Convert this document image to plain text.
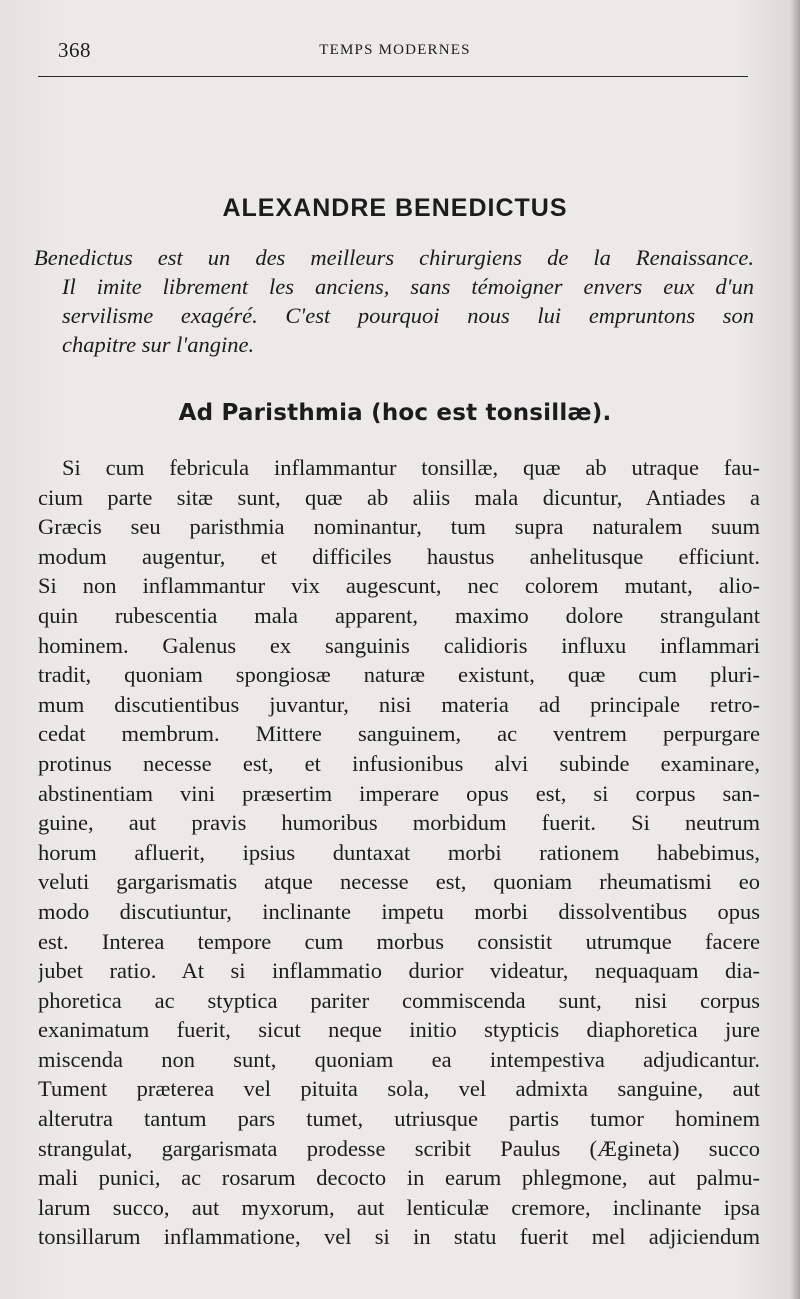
368	TEMPS MODERNES
ALEXANDRE BENEDICTUS
Benedictus est un des meilleurs chirurgiens de la Renaissance.
Il imite librement les anciens, sans témoigner envers eux d'un
servilisme exagéré. C'est pourquoi nous lui empruntons son
chapitre sur l'angine.
Ad Paristhmia (hoc est tonsillæ).
Si cum febricula inflammantur tonsillæ, quæ ab utraque fau-
cium parte sitæ sunt, quæ ab aliis mala dicuntur, Antiades a
Græcis seu paristhmia nominantur, tum supra naturalem suum
modum augentur, et difficiles haustus anhelitusque efficiunt.
Si non inflammantur vix augescunt, nec colorem mutant, alio-
quin rubescentia mala apparent, maximo dolore strangulant
hominem. Galenus ex sanguinis calidioris influxu inflammari
tradit, quoniam spongiosæ naturæ existunt, quæ cum pluri-
mum discutientibus juvantur, nisi materia ad principale retro-
cedat membrum. Mittere sanguinem, ac ventrem perpurgare
protinus necesse est, et infusionibus alvi subinde examinare,
abstinentiam vini præsertim imperare opus est, si corpus san-
guine, aut pravis humoribus morbidum fuerit. Si neutrum
horum afluerit, ipsius duntaxat morbi rationem habebimus,
veluti gargarismatis atque necesse est, quoniam rheumatismi eo
modo discutiuntur, inclinante impetu morbi dissolventibus opus
est. Interea tempore cum morbus consistit utrumque facere
jubet ratio. At si inflammatio durior videatur, nequaquam dia-
phoretica ac styptica pariter commiscenda sunt, nisi corpus
exanimatum fuerit, sicut neque initio stypticis diaphoretica jure
miscenda non sunt, quoniam ea intempestiva adjudicantur.
Tument præterea vel pituita sola, vel admixta sanguine, aut
alterutra tantum pars tumet, utriusque partis tumor hominem
strangulat, gargarismata prodesse scribit Paulus (Ægineta) succo
mali punici, ac rosarum decocto in earum phlegmone, aut palmu-
larum succo, aut myxorum, aut lenticulæ cremore, inclinante ipsa
tonsillarum inflammatione, vel si in statu fuerit mel adjiciendum
